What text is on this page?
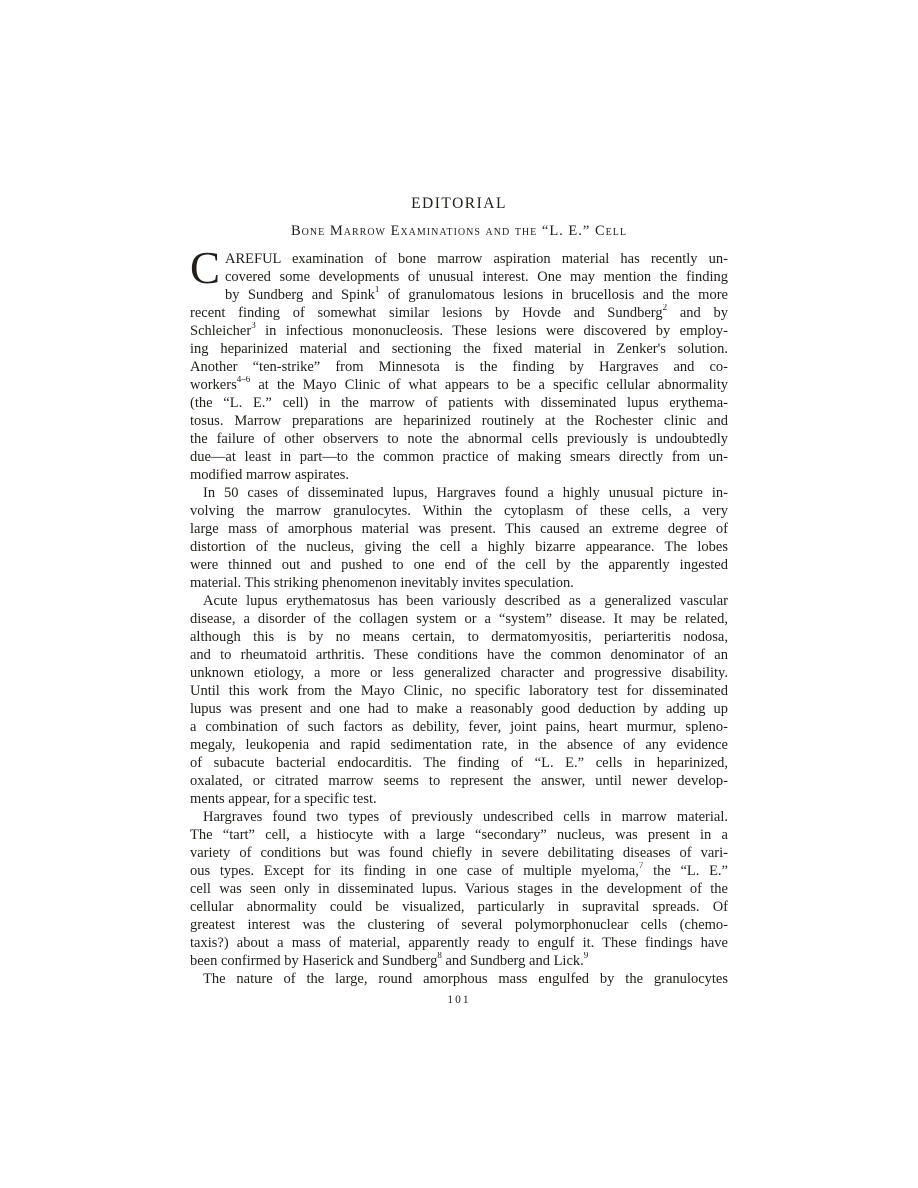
EDITORIAL
Bone Marrow Examinations and the “L. E.” Cell
C AREFUL examination of bone marrow aspiration material has recently un-
covered some developments of unusual interest. One may mention the finding
by Sundberg and Spink$^1$ of granulomatous lesions in brucellosis and the more
recent finding of somewhat similar lesions by Hovde and Sundberg$^2$ and by
Schleicher$^3$ in infectious mononucleosis. These lesions were discovered by employ-
ing heparinized material and sectioning the fixed material in Zenker's solution.
Another “ten-strike” from Minnesota is the finding by Hargraves and co-
workers$^{4-6}$ at the Mayo Clinic of what appears to be a specific cellular abnormality
(the “L. E.” cell) in the marrow of patients with disseminated lupus erythema-
tosus. Marrow preparations are heparinized routinely at the Rochester clinic and
the failure of other observers to note the abnormal cells previously is undoubtedly
due—at least in part—to the common practice of making smears directly from un-
modified marrow aspirates.
In 50 cases of disseminated lupus, Hargraves found a highly unusual picture in-
volving the marrow granulocytes. Within the cytoplasm of these cells, a very
large mass of amorphous material was present. This caused an extreme degree of
distortion of the nucleus, giving the cell a highly bizarre appearance. The lobes
were thinned out and pushed to one end of the cell by the apparently ingested
material. This striking phenomenon inevitably invites speculation.
Acute lupus erythematosus has been variously described as a generalized vascular
disease, a disorder of the collagen system or a “system” disease. It may be related,
although this is by no means certain, to dermatomyositis, periarteritis nodosa,
and to rheumatoid arthritis. These conditions have the common denominator of an
unknown etiology, a more or less generalized character and progressive disability.
Until this work from the Mayo Clinic, no specific laboratory test for disseminated
lupus was present and one had to make a reasonably good deduction by adding up
a combination of such factors as debility, fever, joint pains, heart murmur, spleno-
megaly, leukopenia and rapid sedimentation rate, in the absence of any evidence
of subacute bacterial endocarditis. The finding of “L. E.” cells in heparinized,
oxalated, or citrated marrow seems to represent the answer, until newer develop-
ments appear, for a specific test.
Hargraves found two types of previously undescribed cells in marrow material.
The “tart” cell, a histiocyte with a large “secondary” nucleus, was present in a
variety of conditions but was found chiefly in severe debilitating diseases of vari-
ous types. Except for its finding in one case of multiple myeloma,$^7$ the “L. E.”
cell was seen only in disseminated lupus. Various stages in the development of the
cellular abnormality could be visualized, particularly in supravital spreads. Of
greatest interest was the clustering of several polymorphonuclear cells (chemo-
taxis?) about a mass of material, apparently ready to engulf it. These findings have
been confirmed by Haserick and Sundberg$^8$ and Sundberg and Lick.$^9$
The nature of the large, round amorphous mass engulfed by the granulocytes
101
